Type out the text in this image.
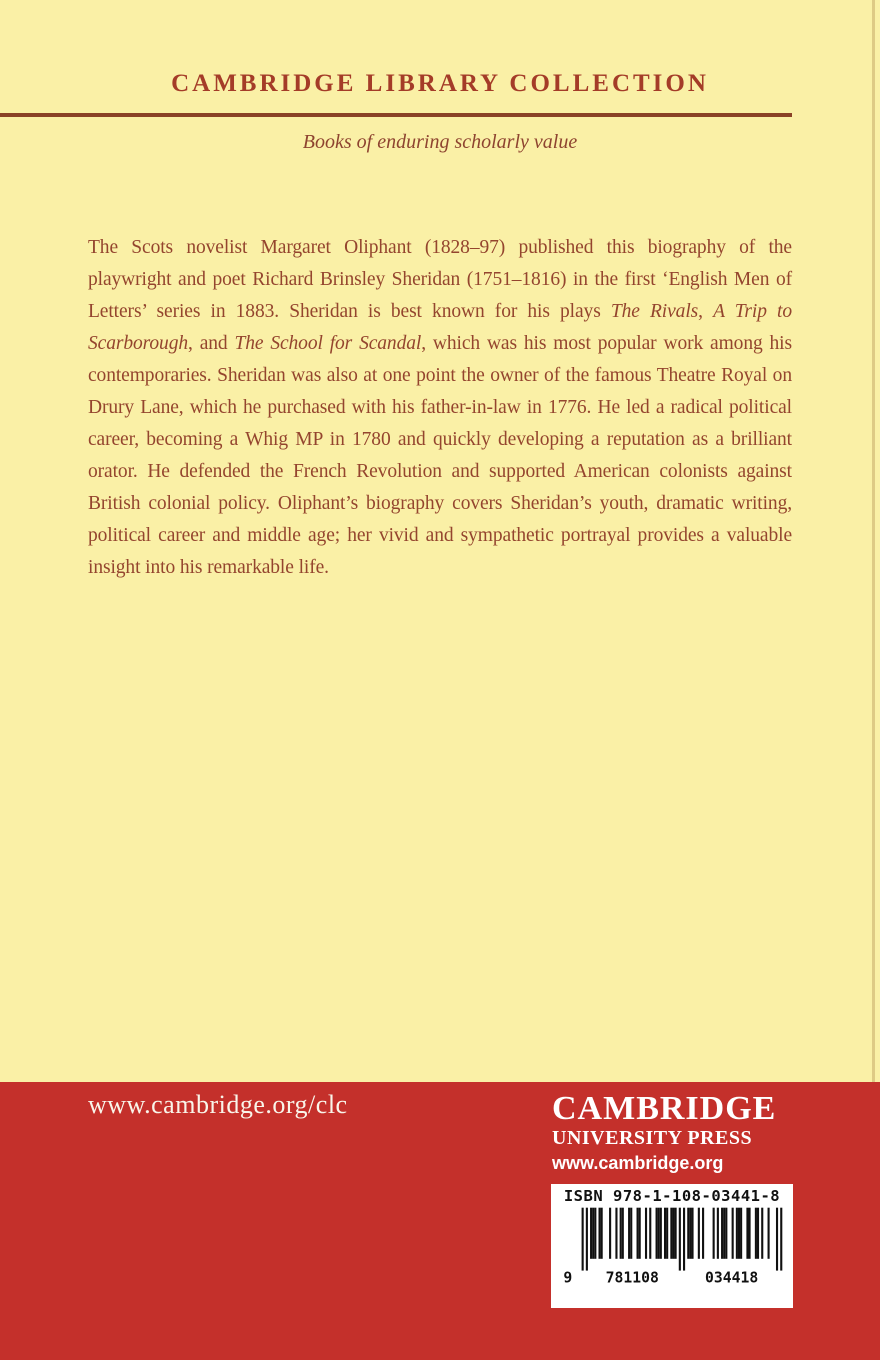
CAMBRIDGE LIBRARY COLLECTION
Books of enduring scholarly value

The Scots novelist Margaret Oliphant (1828–97) published this biography of the playwright and poet Richard Brinsley Sheridan (1751–1816) in the first ‘English Men of Letters’ series in 1883. Sheridan is best known for his plays The Rivals, A Trip to Scarborough, and The School for Scandal, which was his most popular work among his contemporaries. Sheridan was also at one point the owner of the famous Theatre Royal on Drury Lane, which he purchased with his father-in-law in 1776. He led a radical political career, becoming a Whig MP in 1780 and quickly developing a reputation as a brilliant orator. He defended the French Revolution and supported American colonists against British colonial policy. Oliphant’s biography covers Sheridan’s youth, dramatic writing, political career and middle age; her vivid and sympathetic portrayal provides a valuable insight into his remarkable life.

www.cambridge.org/clc	CAMBRIDGE
UNIVERSITY PRESS
www.cambridge.org
ISBN 978-1-108-03441-8
9 781108	034418
